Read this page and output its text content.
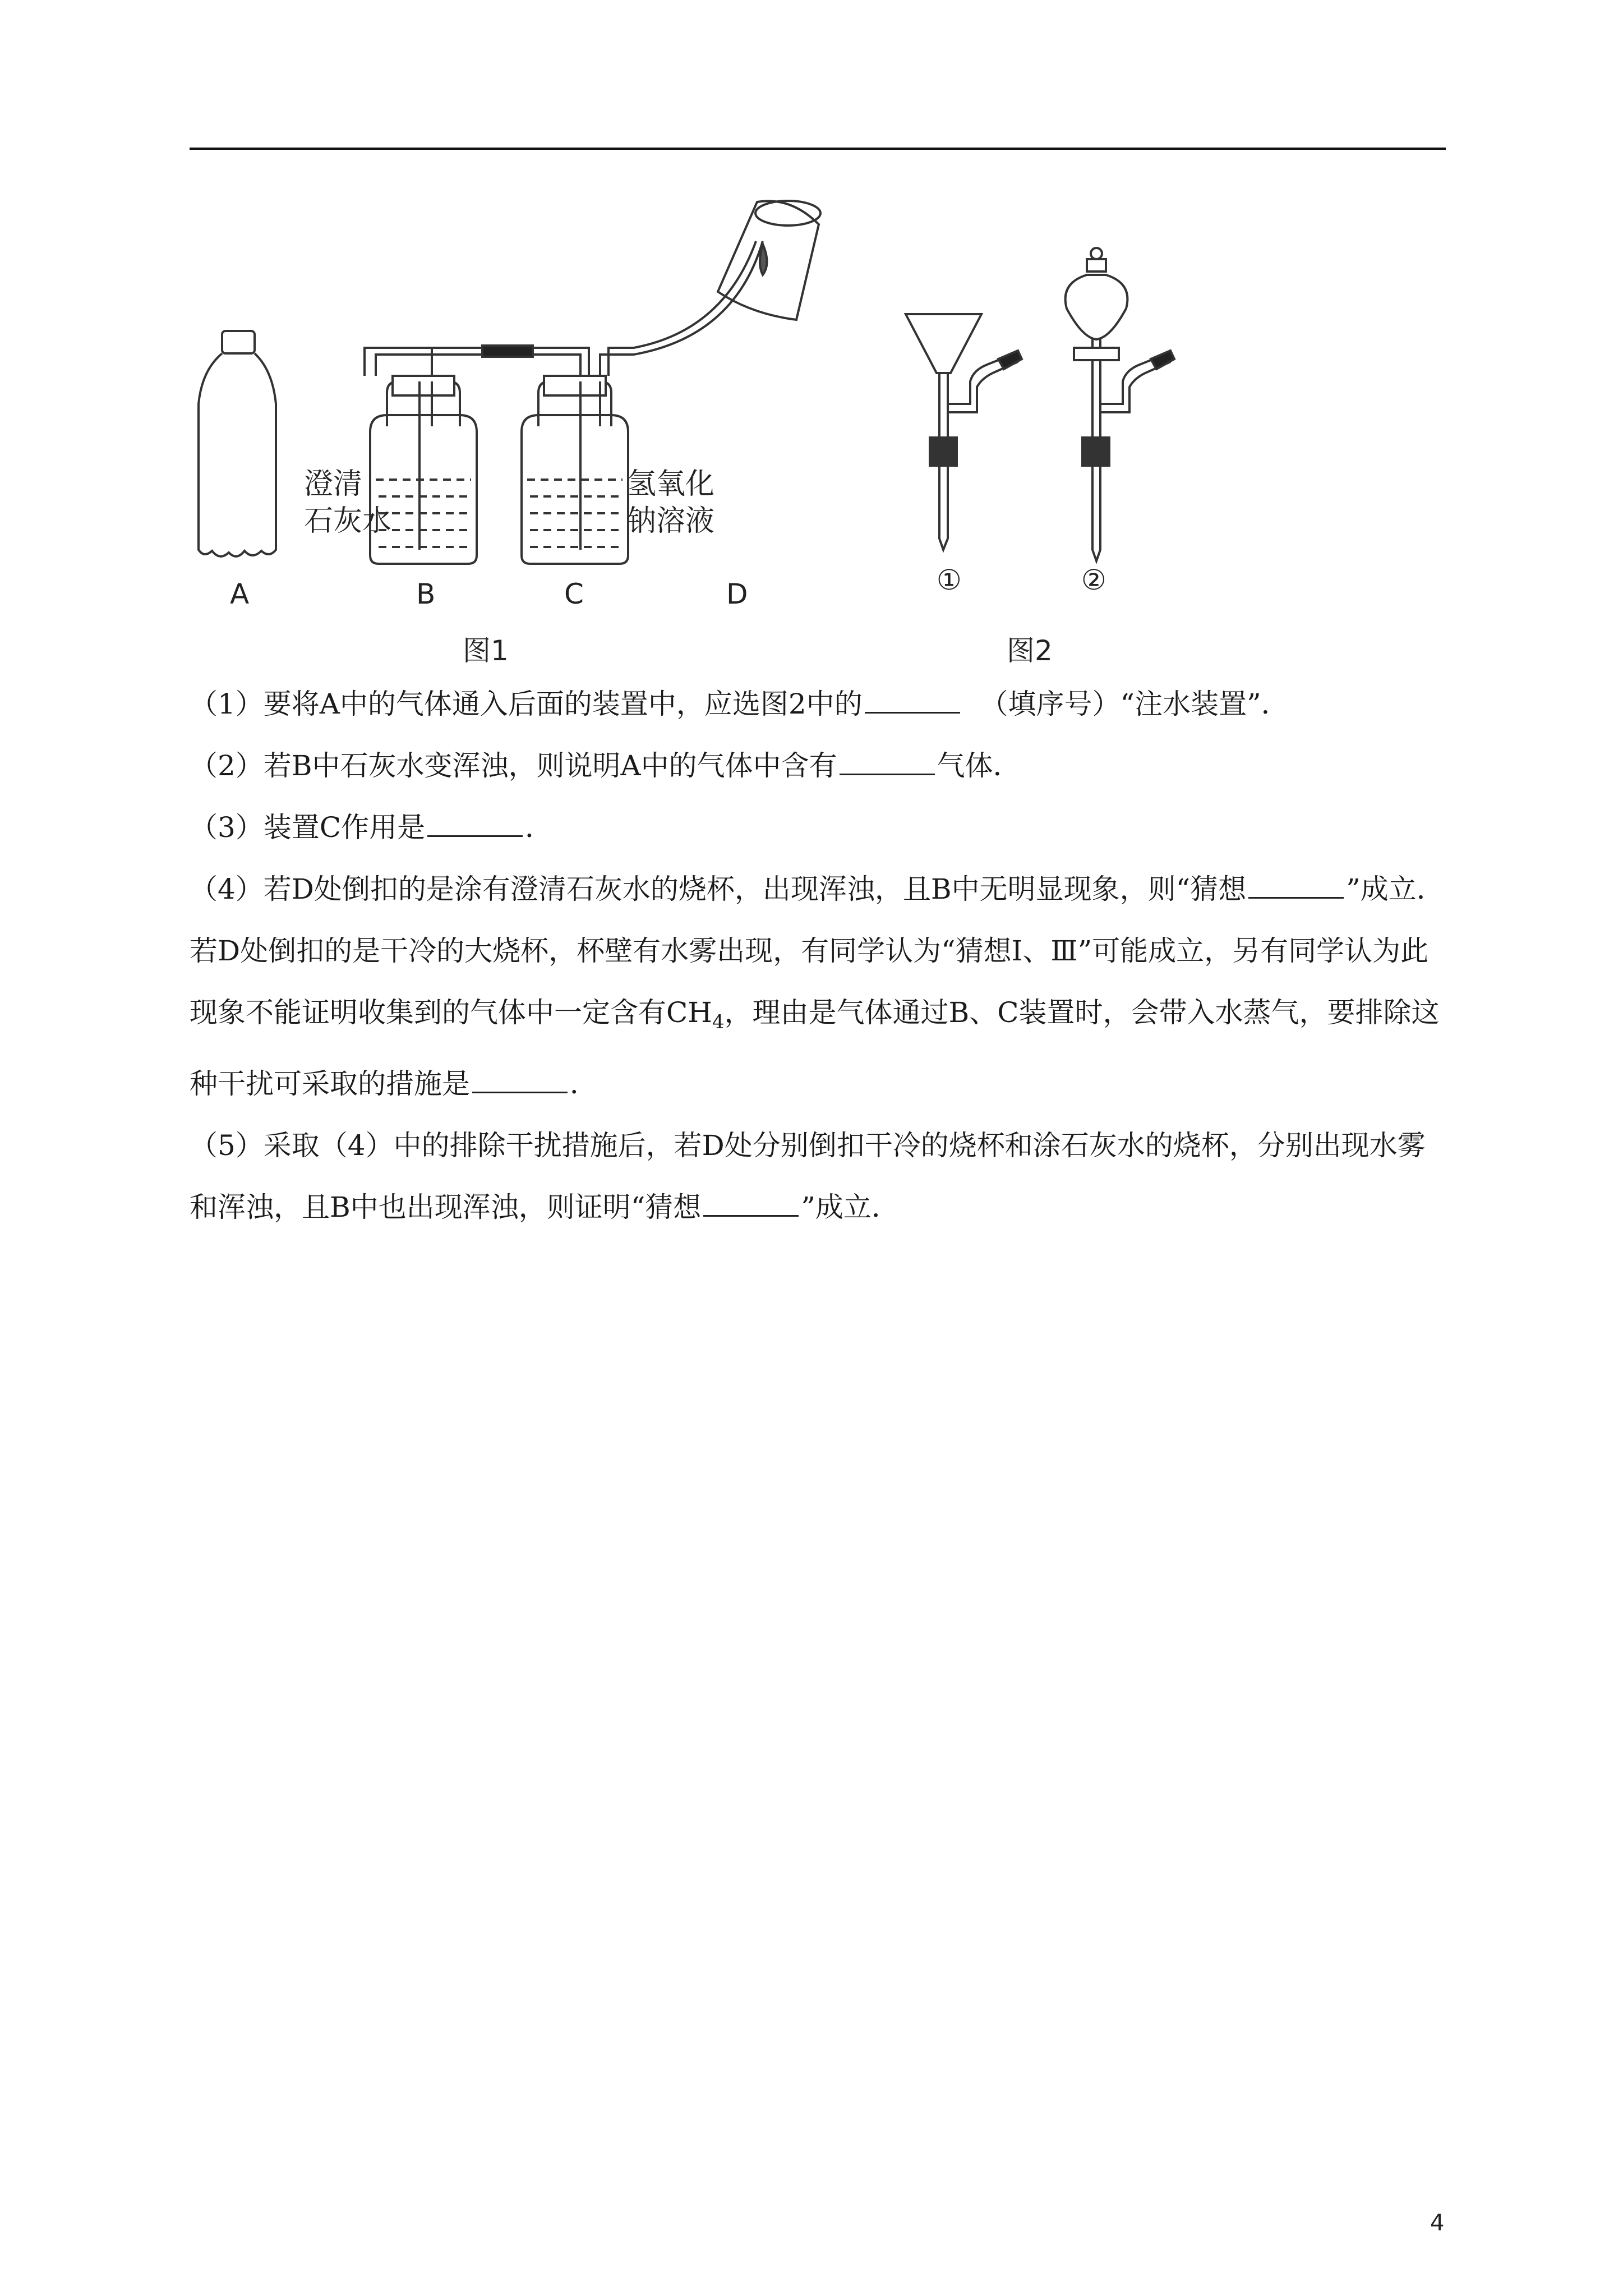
澄清
石灰水
氢氧化
钠溶液
A	B	C	D	①	②
图1	图2

（1）要将A中的气体通入后面的装置中，应选图2中的	（填序号）“注水装置”．

（2）若B中石灰水变浑浊，则说明A中的气体中含有	气体．

（3）装置C作用是	．

（4）若D处倒扣的是涂有澄清石灰水的烧杯，出现浑浊，且B中无明显现象，则“猜想	”成立．

若D处倒扣的是干冷的大烧杯，杯壁有水雾出现，有同学认为“猜想Ⅰ、Ⅲ”可能成立，另有同学认为此现象不能证明收集到的气体中一定含有$CH_4$，理由是气体通过B、C装置时，会带入水蒸气，要排除这种干扰可采取的措施是	．

（5）采取（4）中的排除干扰措施后，若D处分别倒扣干冷的烧杯和涂石灰水的烧杯，分别出现水雾和浑浊，且B中也出现浑浊，则证明“猜想	”成立．

4
